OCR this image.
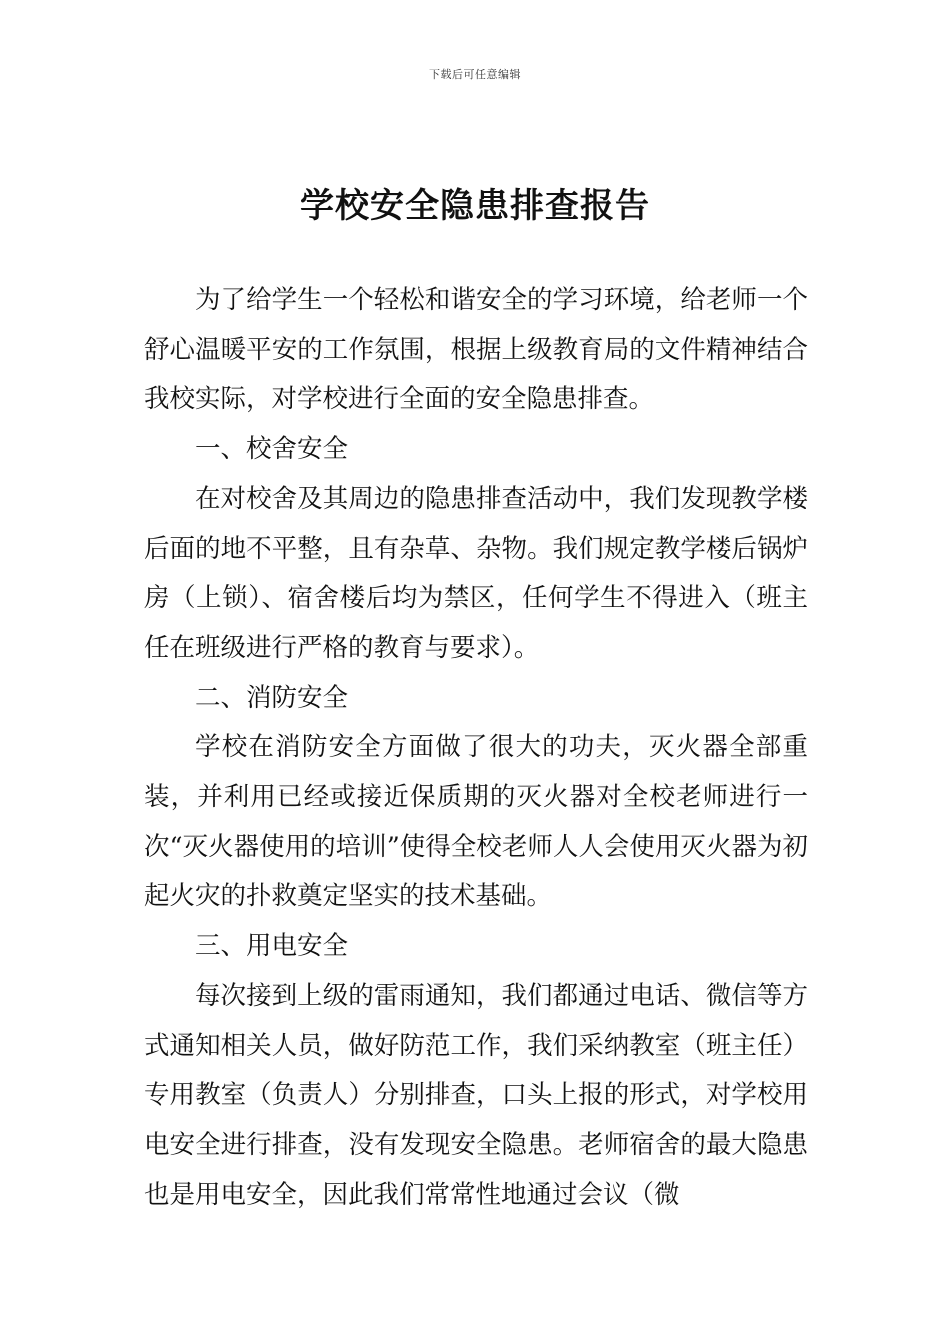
下载后可任意编辑
学校安全隐患排查报告

为了给学生一个轻松和谐安全的学习环境，给老师一个舒心温暖平安的工作氛围，根据上级教育局的文件精神结合我校实际，对学校进行全面的安全隐患排查。

一、校舍安全

在对校舍及其周边的隐患排查活动中，我们发现教学楼后面的地不平整，且有杂草、杂物。我们规定教学楼后锅炉房（上锁）、宿舍楼后均为禁区，任何学生不得进入（班主任在班级进行严格的教育与要求）。

二、消防安全

学校在消防安全方面做了很大的功夫，灭火器全部重装，并利用已经或接近保质期的灭火器对全校老师进行一次“灭火器使用的培训”使得全校老师人人会使用灭火器为初起火灾的扑救奠定坚实的技术基础。

三、用电安全

每次接到上级的雷雨通知，我们都通过电话、微信等方式通知相关人员，做好防范工作，我们采纳教室（班主任）专用教室（负责人）分别排查，口头上报的形式，对学校用电安全进行排查，没有发现安全隐患。老师宿舍的最大隐患也是用电安全，因此我们常常性地通过会议（微
